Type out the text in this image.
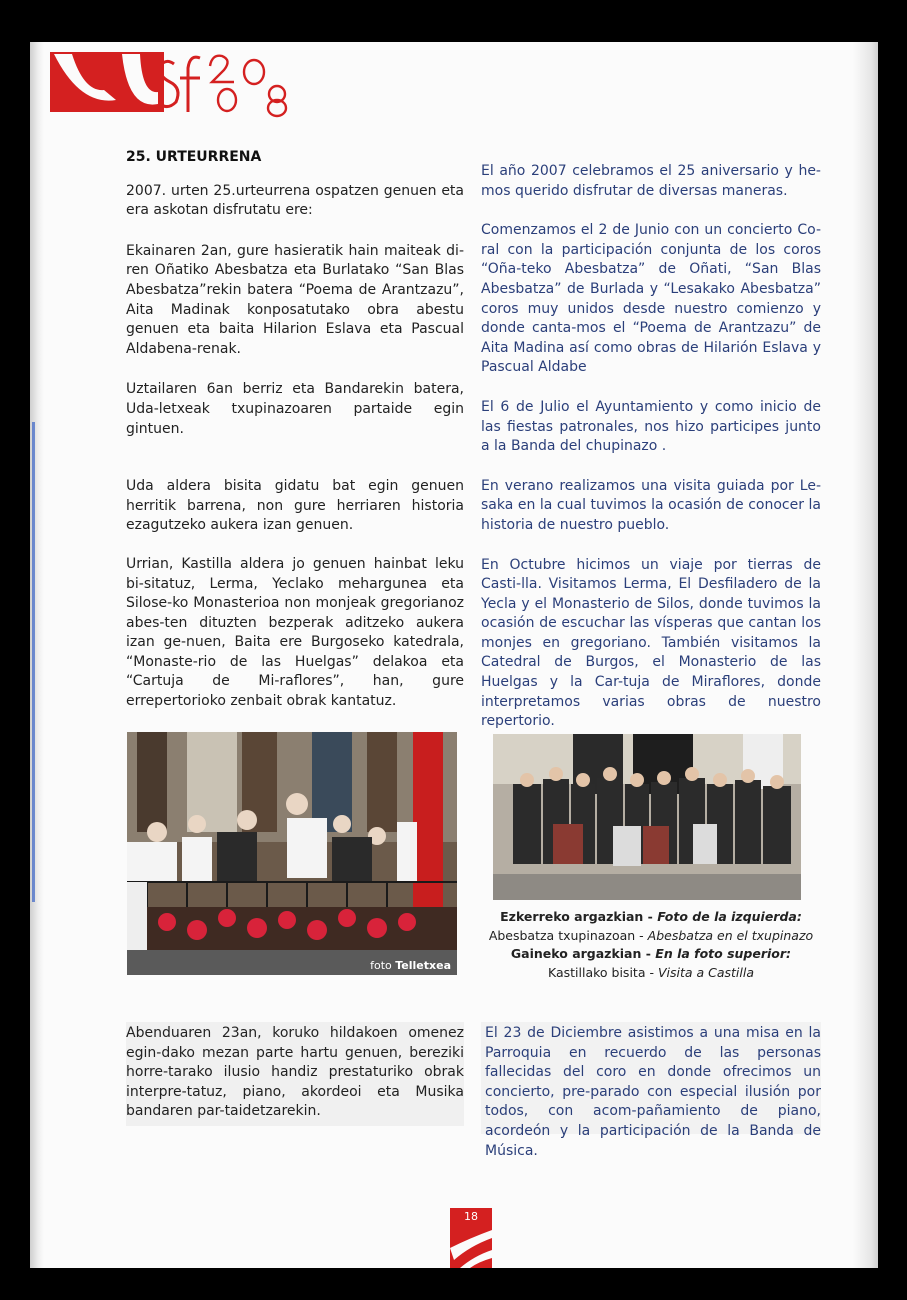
25. URTEURRENA

2007. urten 25.urteurrena ospatzen genuen eta era askotan disfrutatu ere:

Ekainaren 2an, gure hasieratik hain maiteak di-ren Oñatiko Abesbatza eta Burlatako “San Blas Abesbatza”rekin batera “Poema de Arantzazu”, Aita Madinak konposatutako obra abestu genuen eta baita Hilarion Eslava eta Pascual Aldabena-renak.

Uztailaren 6an berriz eta Bandarekin batera, Uda-letxeak txupinazoaren partaide egin gintuen.

Uda aldera bisita gidatu bat egin genuen herritik barrena, non gure herriaren historia ezagutzeko aukera izan genuen.

Urrian, Kastilla aldera jo genuen hainbat leku bi-sitatuz, Lerma, Yeclako mehargunea eta Silose-ko Monasterioa non monjeak gregorianoz abes-ten dituzten bezperak aditzeko aukera izan ge-nuen, Baita ere Burgoseko katedrala, “Monaste-rio de las Huelgas” delakoa eta “Cartuja de Mi-raflores”, han, gure errepertorioko zenbait obrak kantatuz.

El año 2007 celebramos el 25 aniversario y he-mos querido disfrutar de diversas maneras.

Comenzamos el 2 de Junio con un concierto Co-ral con la participación conjunta de los coros “Oña-teko Abesbatza” de Oñati, “San Blas Abesbatza” de Burlada y “Lesakako Abesbatza” coros muy unidos desde nuestro comienzo y donde canta-mos el “Poema de Arantzazu” de Aita Madina así como obras de Hilarión Eslava y Pascual Aldabe

El 6 de Julio el Ayuntamiento y como inicio de las fiestas patronales, nos hizo participes junto a la Banda del chupinazo .

En verano realizamos una visita guiada por Le-saka en la cual tuvimos la ocasión de conocer la historia de nuestro pueblo.

En Octubre hicimos un viaje por tierras de Casti-lla. Visitamos Lerma, El Desfiladero de la Yecla y el Monasterio de Silos, donde tuvimos la ocasión de escuchar las vísperas que cantan los monjes en gregoriano. También visitamos la Catedral de Burgos, el Monasterio de las Huelgas y la Car-tuja de Miraflores, donde interpretamos varias obras de nuestro repertorio.

foto Telletxea
Ezkerreko argazkian - Foto de la izquierda:
Abesbatza txupinazoan - Abesbatza en el txupinazo
Gaineko argazkian - En la foto superior:
Kastillako bisita - Visita a Castilla

Abenduaren 23an, koruko hildakoen omenez egin-dako mezan parte hartu genuen, bereziki horre-tarako ilusio handiz prestaturiko obrak interpre-tatuz, piano, akordeoi eta Musika bandaren par-taidetzarekin.

El 23 de Diciembre asistimos a una misa en la Parroquia en recuerdo de las personas fallecidas del coro en donde ofrecimos un concierto, pre-parado con especial ilusión por todos, con acom-pañamiento de piano, acordeón y la participación de la Banda de Música.

18
